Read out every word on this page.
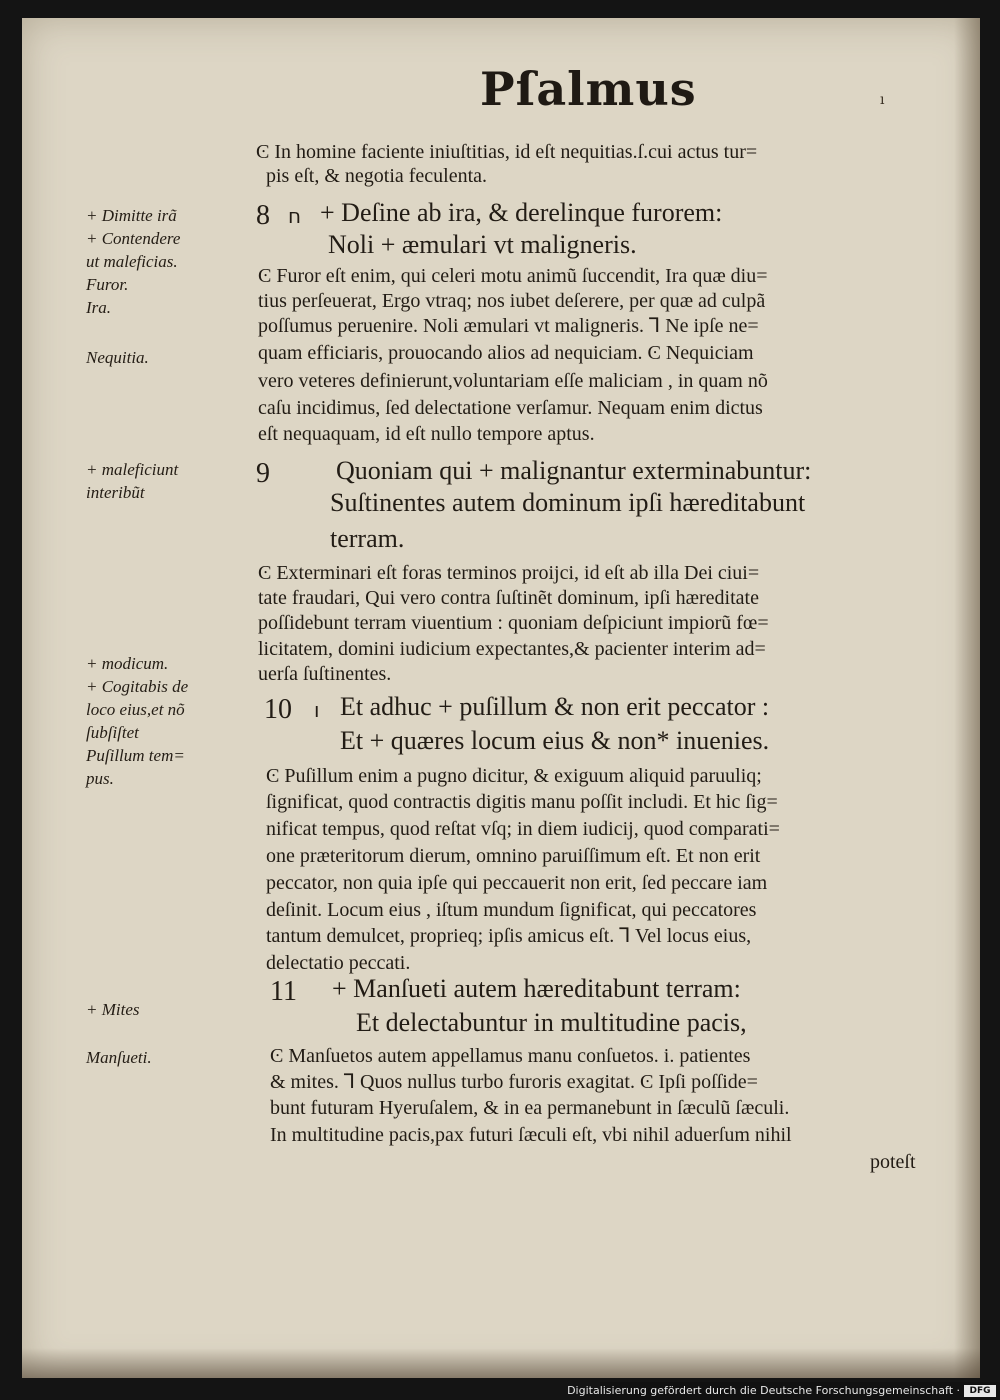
Pſalmus	ı
8 ח
9
10 ו
11
Ͼ In homine faciente iniuſtitias, id eſt nequitias.ſ.cui actus tur=
pis eſt, & negotia feculenta.
+ Deſine ab ira, & derelinque furorem:
Noli + æmulari vt maligneris.
Ͼ Furor eſt enim, qui celeri motu animũ ſuccendit, Ira quæ diu=
tius perſeuerat, Ergo vtraq; nos iubet deſerere, per quæ ad culpã
poſſumus peruenire. Noli æmulari vt maligneris. Ꞁ Ne ipſe ne=
quam efficiaris, prouocando alios ad nequiciam. Ͼ Nequiciam
vero veteres definierunt,voluntariam eſſe maliciam , in quam nõ
caſu incidimus, ſed delectatione verſamur. Nequam enim dictus
eſt nequaquam, id eſt nullo tempore aptus.
Quoniam qui + malignantur exterminabuntur:
Suſtinentes autem dominum ipſi hæreditabunt
terram.
Ͼ Exterminari eſt foras terminos proijci, id eſt ab illa Dei ciui=
tate fraudari, Qui vero contra ſuſtinẽt dominum, ipſi hæreditate
poſſidebunt terram viuentium : quoniam deſpiciunt impiorũ fœ=
licitatem, domini iudicium expectantes,& pacienter interim ad=
uerſa ſuſtinentes.
Et adhuc + puſillum & non erit peccator :
Et + quæres locum eius & non* inuenies.
Ͼ Puſillum enim a pugno dicitur, & exiguum aliquid paruuliq;
ſignificat, quod contractis digitis manu poſſit includi. Et hic ſig=
nificat tempus, quod reſtat vſq; in diem iudicij, quod comparati=
one præteritorum dierum, omnino paruiſſimum eſt. Et non erit
peccator, non quia ipſe qui peccauerit non erit, ſed peccare iam
deſinit. Locum eius , iſtum mundum ſignificat, qui peccatores
tantum demulcet, proprieq; ipſis amicus eſt. Ꞁ Vel locus eius,
delectatio peccati.
+ Manſueti autem hæreditabunt terram:
Et delectabuntur in multitudine pacis,
Ͼ Manſuetos autem appellamus manu conſuetos. i. patientes
& mites. Ꞁ Quos nullus turbo furoris exagitat. Ͼ Ipſi poſſide=
bunt futuram Hyeruſalem, & in ea permanebunt in ſæculũ ſæculi.
In multitudine pacis,pax futuri ſæculi eſt, vbi nihil aduerſum nihil
poteſt
+ Dimitte irã
+ Contendere
ut maleficias.
Furor.
Ira.
Nequitia.
+ maleficiunt
interibũt
+ modicum.
+ Cogitabis de
loco eius,et nõ
ſubſiſtet
Puſillum tem=
pus.
+ Mites
Manſueti.
Digitalisierung gefördert durch die Deutsche Forschungsgemeinschaft ·	DFG
